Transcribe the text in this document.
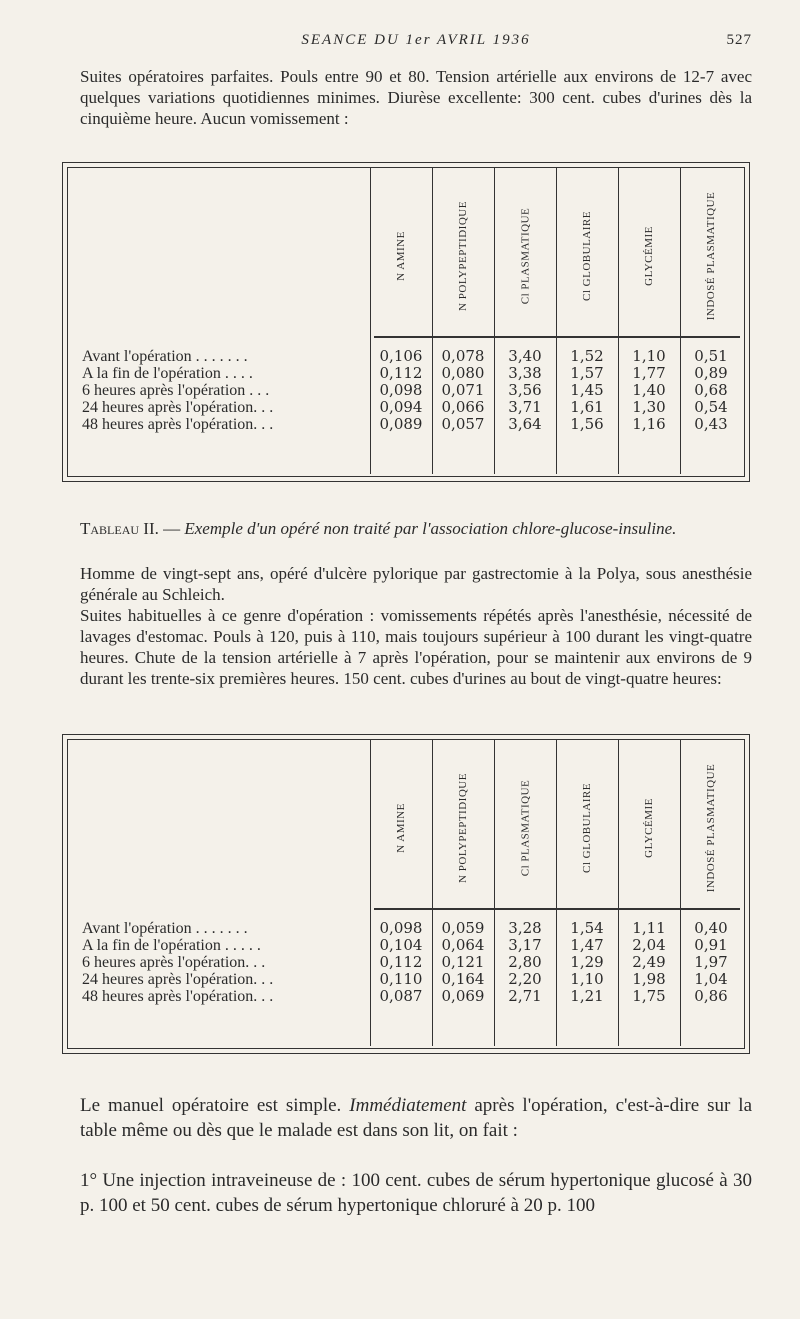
SEANCE DU 1er AVRIL 1936	527
Suites opératoires parfaites. Pouls entre 90 et 80. Tension artérielle aux environs de 12-7 avec quelques variations quotidiennes minimes. Diurèse excellente: 300 cent. cubes d'urines dès la cinquième heure. Aucun vomissement :
N AMINE	N POLYPEPTIDIQUE	Cl PLASMATIQUE	Cl GLOBULAIRE	GLYCÉMIE	INDOSÉ PLASMATIQUE
Avant l'opération . . . . . . .	0,106	0,078	3,40	1,52	1,10	0,51
A la fin de l'opération . . . .	0,112	0,080	3,38	1,57	1,77	0,89
6 heures après l'opération . . .	0,098	0,071	3,56	1,45	1,40	0,68
24 heures après l'opération. . .	0,094	0,066	3,71	1,61	1,30	0,54
48 heures après l'opération. . .	0,089	0,057	3,64	1,56	1,16	0,43
Tableau II. — Exemple d'un opéré non traité par l'association chlore-glucose-insuline.
Homme de vingt-sept ans, opéré d'ulcère pylorique par gastrectomie à la Polya, sous anesthésie générale au Schleich.
Suites habituelles à ce genre d'opération : vomissements répétés après l'anesthésie, nécessité de lavages d'estomac. Pouls à 120, puis à 110, mais toujours supérieur à 100 durant les vingt-quatre heures. Chute de la tension artérielle à 7 après l'opération, pour se maintenir aux environs de 9 durant les trente-six premières heures. 150 cent. cubes d'urines au bout de vingt-quatre heures:
N AMINE	N POLYPEPTIDIQUE	Cl PLASMATIQUE	Cl GLOBULAIRE	GLYCÉMIE	INDOSÉ PLASMATIQUE
Avant l'opération . . . . . . .	0,098	0,059	3,28	1,54	1,11	0,40
A la fin de l'opération . . . . .	0,104	0,064	3,17	1,47	2,04	0,91
6 heures après l'opération. . .	0,112	0,121	2,80	1,29	2,49	1,97
24 heures après l'opération. . .	0,110	0,164	2,20	1,10	1,98	1,04
48 heures après l'opération. . .	0,087	0,069	2,71	1,21	1,75	0,86
Le manuel opératoire est simple. Immédiatement après l'opération, c'est-à-dire sur la table même ou dès que le malade est dans son lit, on fait :
1° Une injection intraveineuse de : 100 cent. cubes de sérum hypertonique glucosé à 30 p. 100 et 50 cent. cubes de sérum hypertonique chloruré à 20 p. 100
